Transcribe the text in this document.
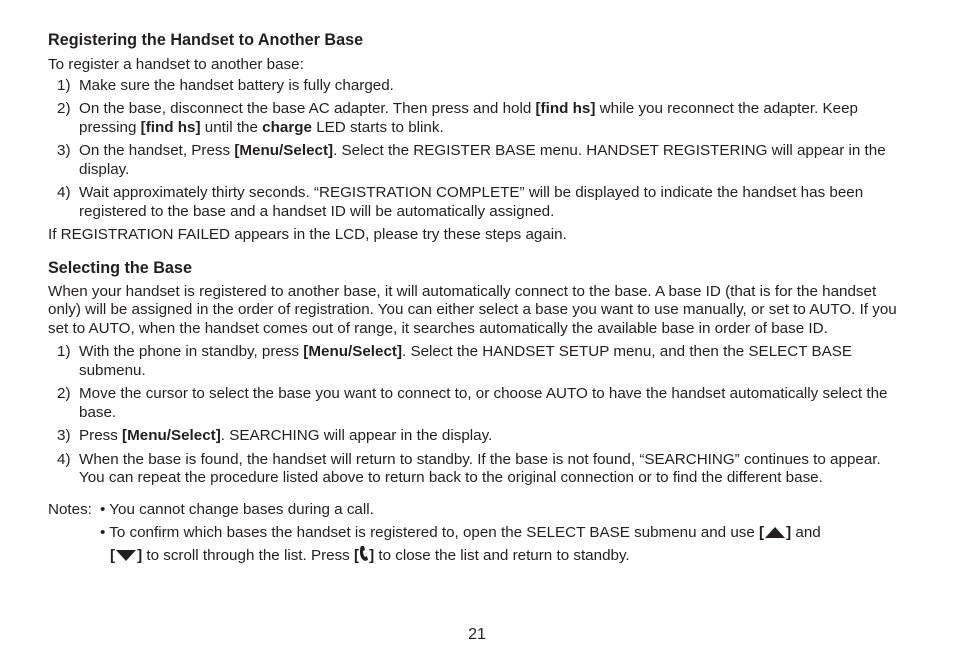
Registering the Handset to Another Base

To register a handset to another base:

1) Make sure the handset battery is fully charged.
2) On the base, disconnect the base AC adapter. Then press and hold [find hs] while you reconnect the adapter. Keep pressing [find hs] until the charge LED starts to blink.
3) On the handset, Press [Menu/Select]. Select the REGISTER BASE menu. HANDSET REGISTERING will appear in the display.
4) Wait approximately thirty seconds. “REGISTRATION COMPLETE” will be displayed to indicate the handset has been registered to the base and a handset ID will be automatically assigned.

If REGISTRATION FAILED appears in the LCD, please try these steps again.

Selecting the Base

When your handset is registered to another base, it will automatically connect to the base. A base ID (that is for the handset only) will be assigned in the order of registration. You can either select a base you want to use manually, or set to AUTO. If you set to AUTO, when the handset comes out of range, it searches automatically the available base in order of base ID.

1) With the phone in standby, press [Menu/Select]. Select the HANDSET SETUP menu, and then the SELECT BASE submenu.
2) Move the cursor to select the base you want to connect to, or choose AUTO to have the handset automatically select the base.
3) Press [Menu/Select]. SEARCHING will appear in the display.
4) When the base is found, the handset will return to standby. If the base is not found, “SEARCHING” continues to appear. You can repeat the procedure listed above to return back to the original connection or to find the different base.
Notes: • You cannot change bases during a call.
• To confirm which bases the handset is registered to, open the SELECT BASE submenu and use [ ] and
[ ] to scroll through the list. Press [ ] to close the list and return to standby.
21
